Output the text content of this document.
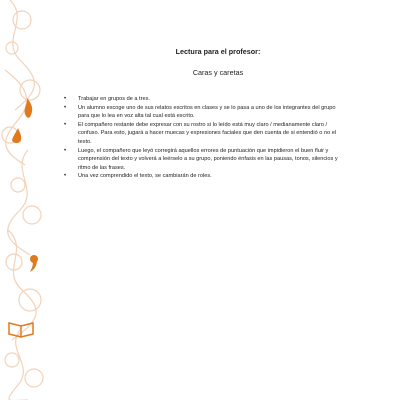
Lectura para el profesor:
Caras y caretas
• Trabajar en grupos de a tres.
• Un alumno escoge uno de sus relatos escritos en clases y se lo pasa a uno de los integrantes del grupo para que lo lea en voz alta tal cual está escrito.
• El compañero restante debe expresar con su rostro si lo leído está muy claro / medianamente claro / confuso. Para esto, jugará a hacer muecas y expresiones faciales que den cuenta de si entendió o no el texto.
• Luego, el compañero que leyó corregirá aquellos errores de puntuación que impidieron el buen fluir y comprensión del texto y volverá a leérselo a su grupo, poniendo énfasis en las pausas, tonos, silencios y ritmo de las frases.
• Una vez comprendido el texto, se cambiarán de roles.
